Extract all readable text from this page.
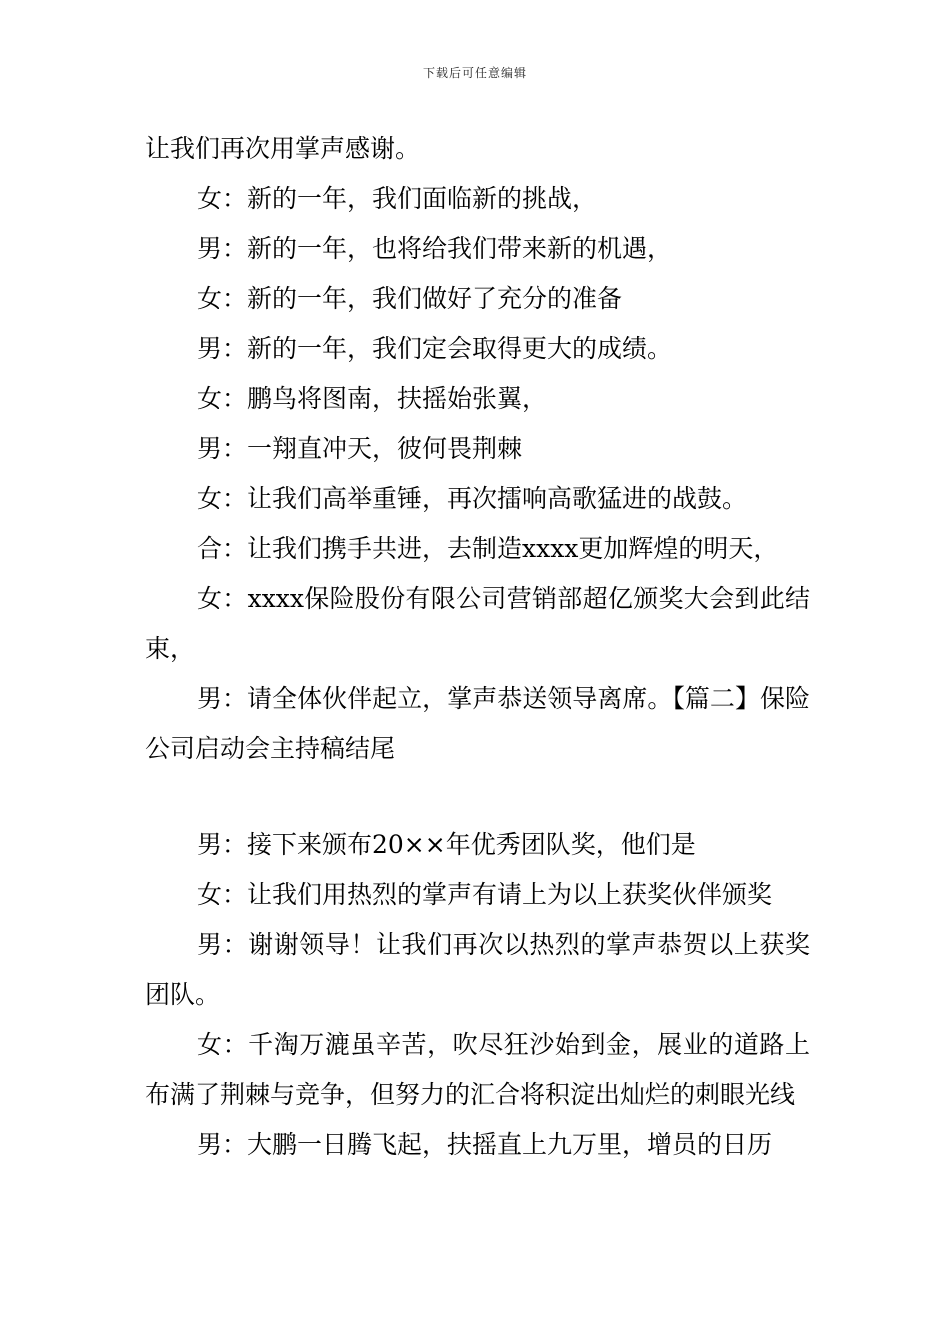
下载后可任意编辑

让我们再次用掌声感谢。

女：新的一年，我们面临新的挑战，

男：新的一年，也将给我们带来新的机遇，

女：新的一年，我们做好了充分的准备

男：新的一年，我们定会取得更大的成绩。

女：鹏鸟将图南，扶摇始张翼，

男：一翔直冲天，彼何畏荆棘

女：让我们高举重锤，再次擂响高歌猛进的战鼓。

合：让我们携手共进，去制造xxxx更加辉煌的明天，

女：xxxx保险股份有限公司营销部超亿颁奖大会到此结束，

男：请全体伙伴起立，掌声恭送领导离席。【篇二】保险公司启动会主持稿结尾

男：接下来颁布20××年优秀团队奖，他们是

女：让我们用热烈的掌声有请上为以上获奖伙伴颁奖

男：谢谢领导！让我们再次以热烈的掌声恭贺以上获奖团队。

女：千淘万漉虽辛苦，吹尽狂沙始到金，展业的道路上布满了荆棘与竞争，但努力的汇合将积淀出灿烂的刺眼光线

男：大鹏一日腾飞起，扶摇直上九万里，增员的日历
